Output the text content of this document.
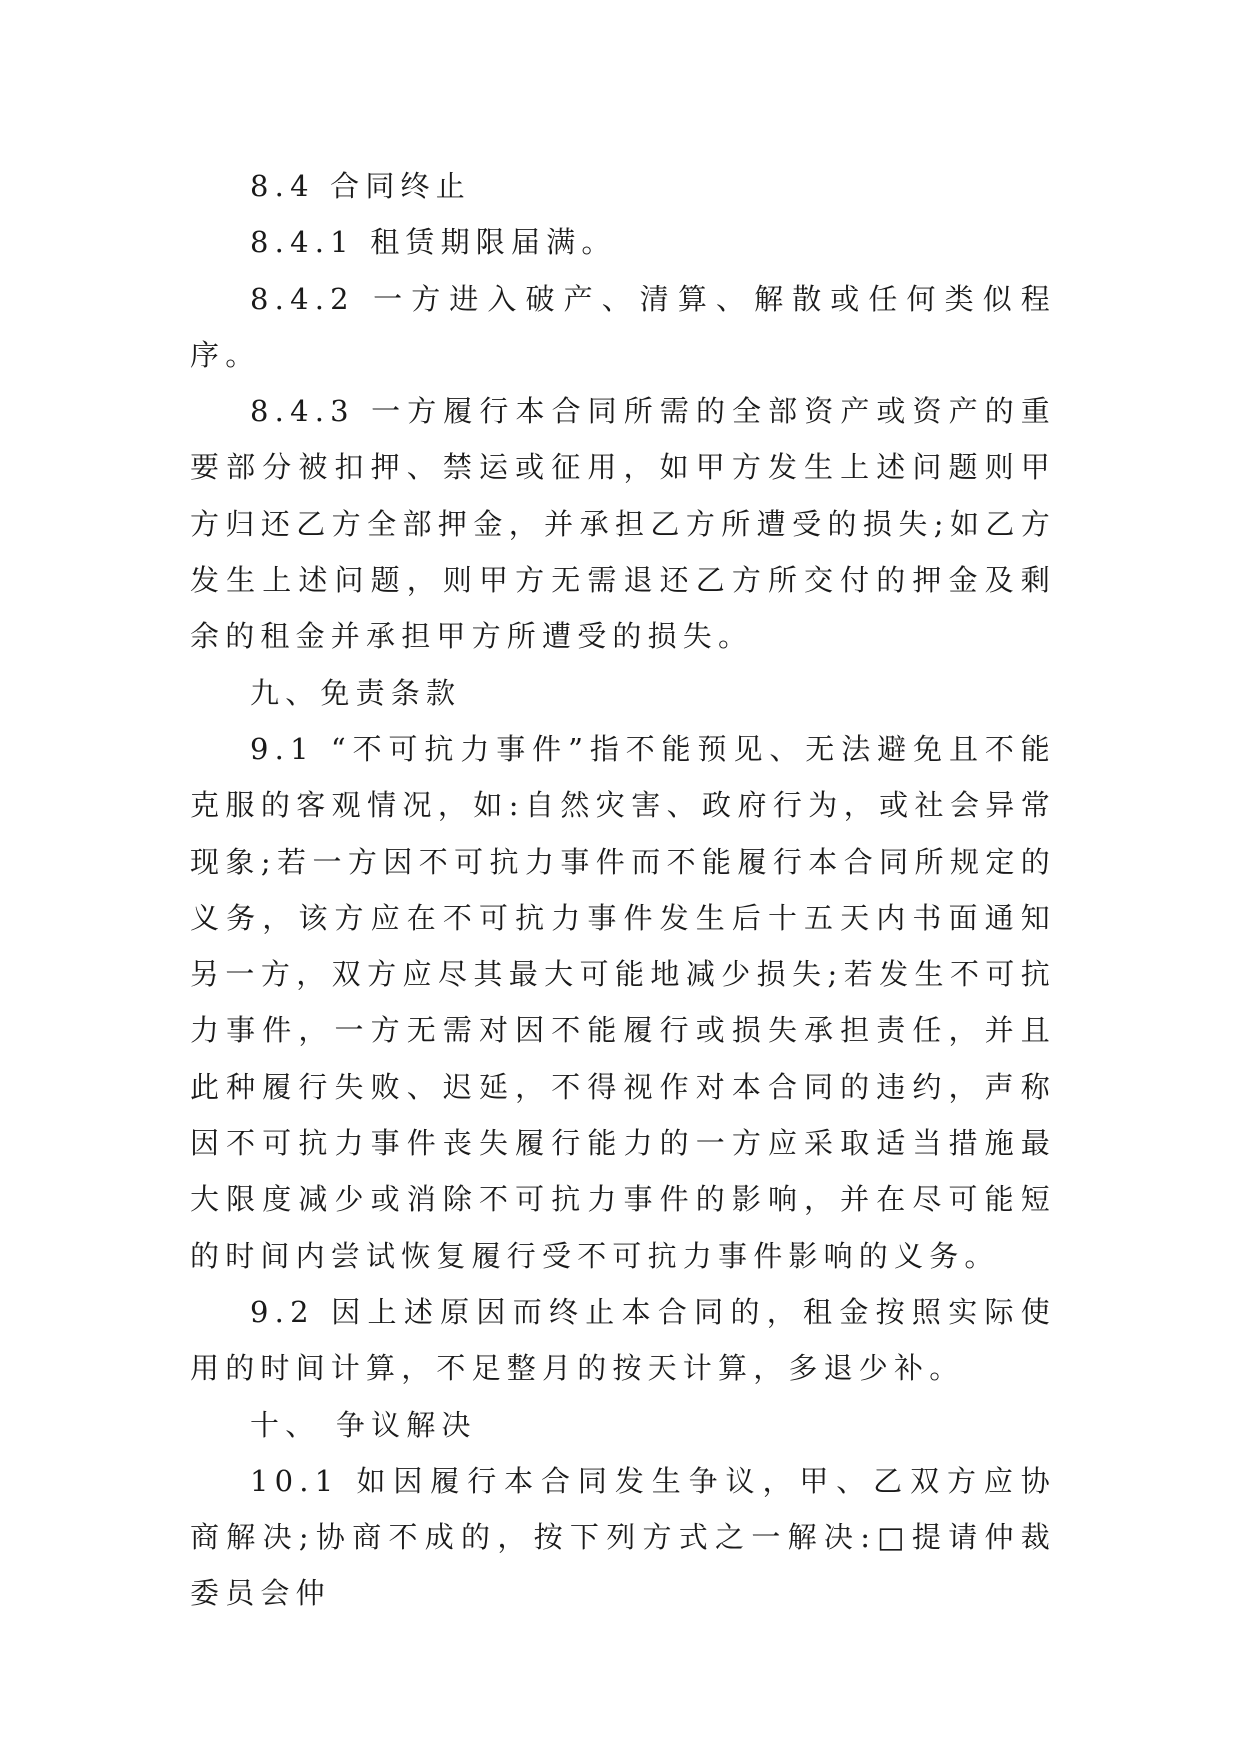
8.4 合同终止

8.4.1 租赁期限届满。

8.4.2 一方进入破产、清算、解散或任何类似程序。

8.4.3 一方履行本合同所需的全部资产或资产的重要部分被扣押、禁运或征用，如甲方发生上述问题则甲方归还乙方全部押金，并承担乙方所遭受的损失;如乙方发生上述问题，则甲方无需退还乙方所交付的押金及剩余的租金并承担甲方所遭受的损失。

九、免责条款

9.1 “不可抗力事件”指不能预见、无法避免且不能克服的客观情况，如:自然灾害、政府行为，或社会异常现象;若一方因不可抗力事件而不能履行本合同所规定的义务，该方应在不可抗力事件发生后十五天内书面通知另一方，双方应尽其最大可能地减少损失;若发生不可抗力事件，一方无需对因不能履行或损失承担责任，并且此种履行失败、迟延，不得视作对本合同的违约，声称因不可抗力事件丧失履行能力的一方应采取适当措施最大限度减少或消除不可抗力事件的影响，并在尽可能短的时间内尝试恢复履行受不可抗力事件影响的义务。

9.2 因上述原因而终止本合同的，租金按照实际使用的时间计算，不足整月的按天计算，多退少补。

十、 争议解决

10.1 如因履行本合同发生争议，甲、乙双方应协商解决;协商不成的，按下列方式之一解决:□提请仲裁委员会仲
